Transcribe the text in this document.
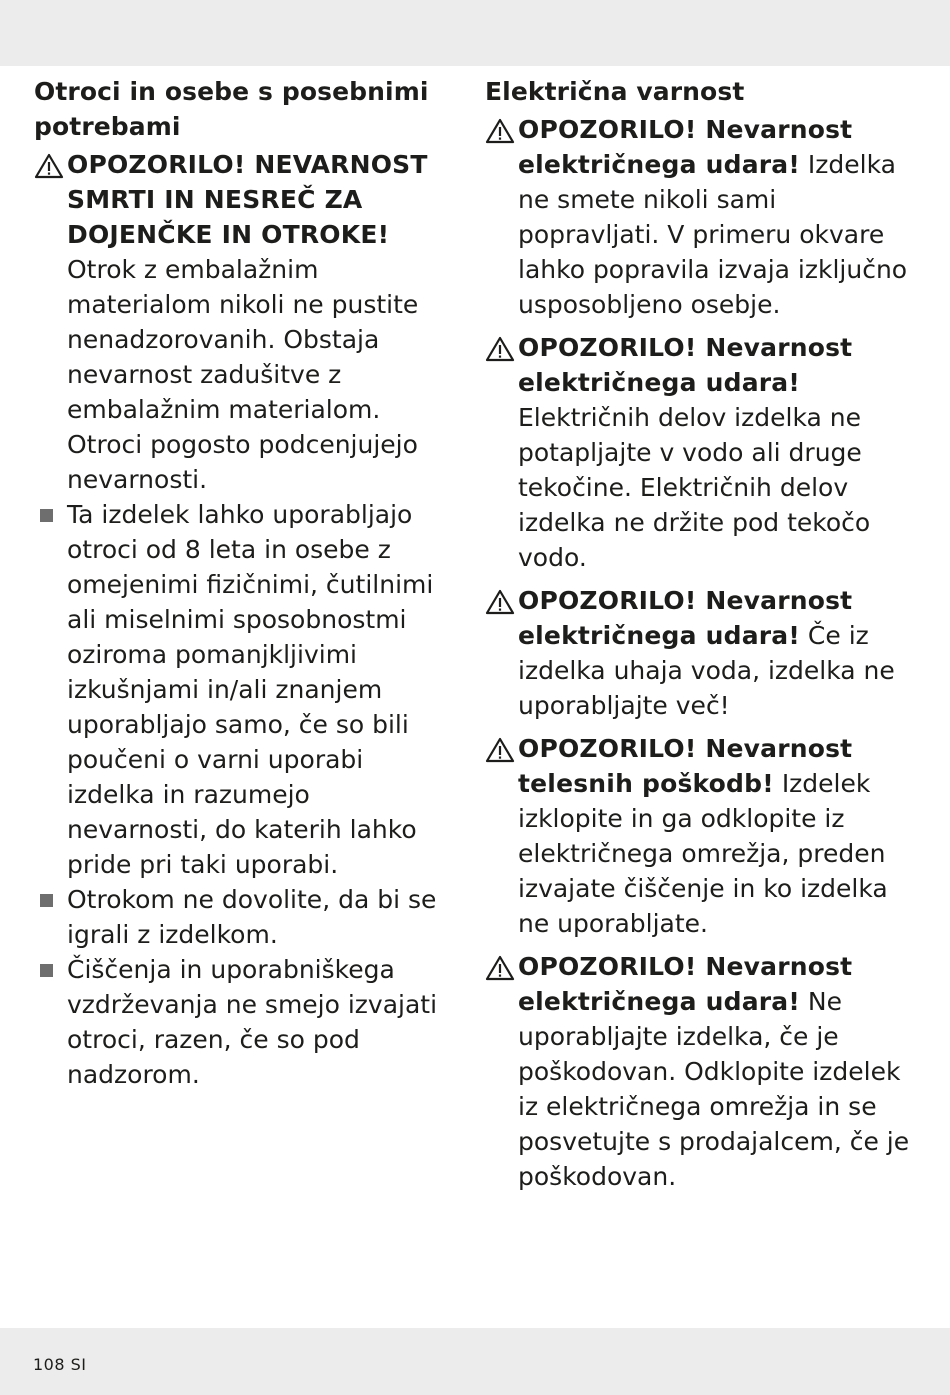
Otroci in osebe s posebnimi potrebami

OPOZORILO! NEVARNOST SMRTI IN NESREČ ZA DOJENČKE IN OTROKE!
Otrok z embalažnim materialom nikoli ne pustite nenadzorovanih. Obstaja nevarnost zadušitve z embalažnim materialom. Otroci pogosto podcenjujejo nevarnosti.

Ta izdelek lahko uporabljajo otroci od 8 leta in osebe z omejenimi fizičnimi, čutilnimi ali miselnimi sposobnostmi oziroma pomanjkljivimi izkušnjami in/ali znanjem uporabljajo samo, če so bili poučeni o varni uporabi izdelka in razumejo nevarnosti, do katerih lahko pride pri taki uporabi.

Otrokom ne dovolite, da bi se igrali z izdelkom.

Čiščenja in uporabniškega vzdrževanja ne smejo izvajati otroci, razen, če so pod nadzorom.

Električna varnost

OPOZORILO! Nevarnost električnega udara! Izdelka ne smete nikoli sami popravljati. V primeru okvare lahko popravila izvaja izključno usposobljeno osebje.

OPOZORILO! Nevarnost električnega udara!
Električnih delov izdelka ne potapljajte v vodo ali druge tekočine. Električnih delov izdelka ne držite pod tekočo vodo.

OPOZORILO! Nevarnost električnega udara! Če iz izdelka uhaja voda, izdelka ne uporabljajte več!

OPOZORILO! Nevarnost telesnih poškodb! Izdelek izklopite in ga odklopite iz električnega omrežja, preden izvajate čiščenje in ko izdelka ne uporabljate.

OPOZORILO! Nevarnost električnega udara! Ne uporabljajte izdelka, če je poškodovan. Odklopite izdelek iz električnega omrežja in se posvetujte s prodajalcem, če je poškodovan.

108 SI
